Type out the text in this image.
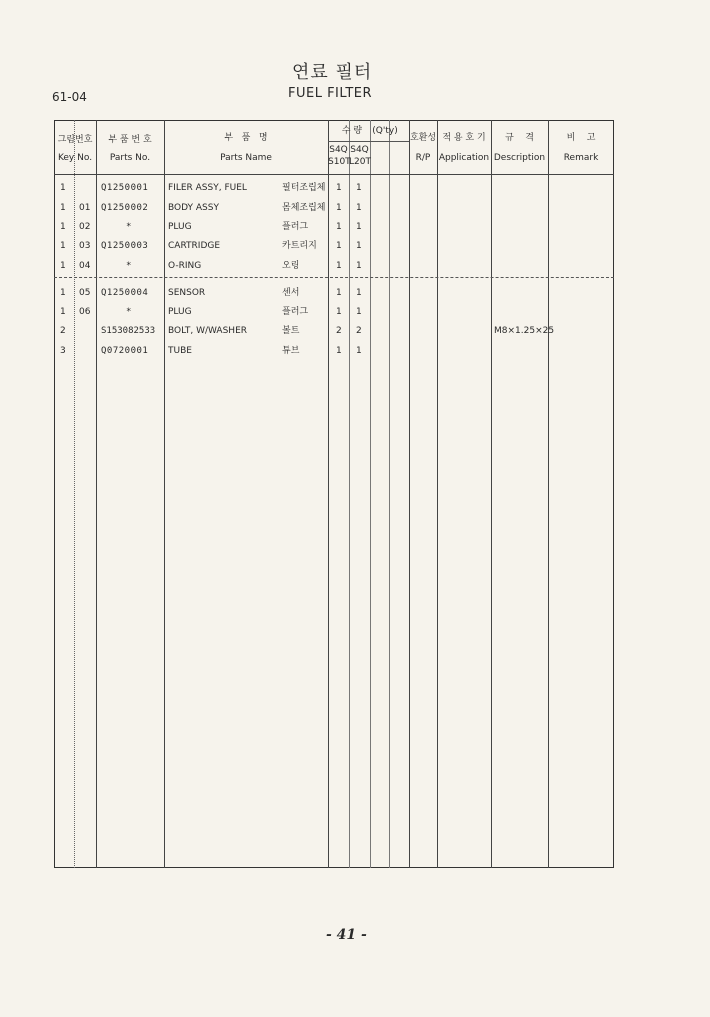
연료 필터
FUEL FILTER
61-04
그림번호
Key No.
부 품 번 호
Parts No.
부   품   명
Parts Name
수 량	(Q'ty)
S4Q
S10T
S4Q
L20T
호환성
R/P
적 용 호 기
Application
규    격
Description
비    고
Remark
1	Q1250001 FILER ASSY, FUEL	필터조립체 1 1
1 01 Q1250002 BODY ASSY	몸체조립체 1 1
1 02	*	PLUG	플러그	1 1
1 03 Q1250003 CARTRIDGE	카트리지 1 1
1 04	*	O-RING	오링	1 1
1 05 Q1250004 SENSOR	센서	1 1
1 06	*	PLUG	플러그	1 1
2	S153082533 BOLT, W/WASHER	볼트	2 2	M8×1.25×25
3	Q0720001 TUBE	튜브	1 1
- 41 -
